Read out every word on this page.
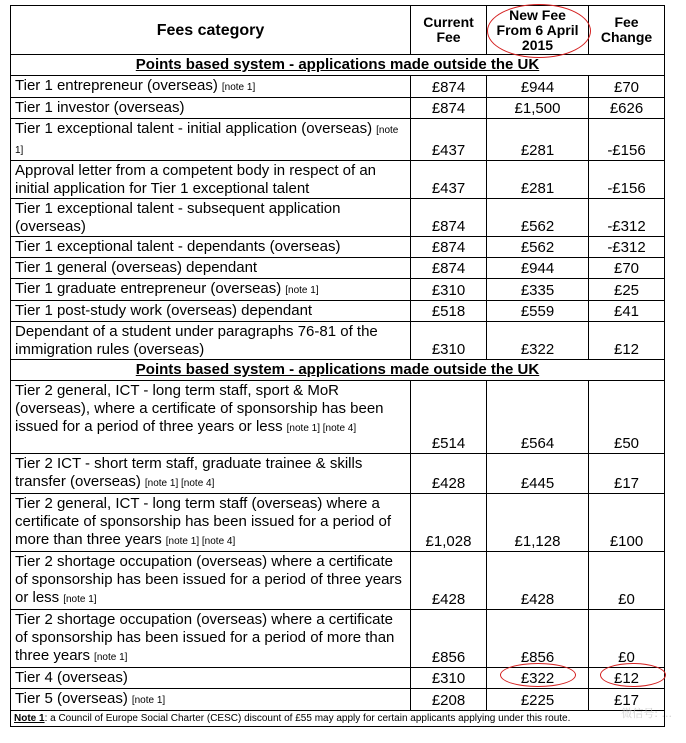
Fees category	Current Fee	New Fee From 6 April 2015	Fee Change
Points based system - applications made outside the UK			
Tier 1 entrepreneur (overseas) [note 1]	£874	£944	£70
Tier 1 investor (overseas)	£874	£1,500	£626
Tier 1 exceptional talent - initial application (overseas) [note 1]	£437	£281	-£156
Approval letter from a competent body in respect of an initial application for Tier 1 exceptional talent	£437	£281	-£156
Tier 1 exceptional talent - subsequent application (overseas)	£874	£562	-£312
Tier 1 exceptional talent - dependants (overseas)	£874	£562	-£312
Tier 1 general (overseas) dependant	£874	£944	£70
Tier 1 graduate entrepreneur (overseas) [note 1]	£310	£335	£25
Tier 1 post-study work (overseas) dependant	£518	£559	£41
Dependant of a student under paragraphs 76-81 of the immigration rules (overseas)	£310	£322	£12
Points based system - applications made outside the UK			
Tier 2 general, ICT - long term staff, sport & MoR (overseas), where a certificate of sponsorship has been issued for a period of three years or less [note 1] [note 4]	£514	£564	£50
Tier 2 ICT - short term staff, graduate trainee & skills transfer (overseas) [note 1] [note 4]	£428	£445	£17
Tier 2 general, ICT - long term staff (overseas) where a certificate of sponsorship has been issued for a period of more than three years [note 1] [note 4]	£1,028	£1,128	£100
Tier 2 shortage occupation (overseas) where a certificate of sponsorship has been issued for a period of three years or less [note 1]	£428	£428	£0
Tier 2 shortage occupation (overseas) where a certificate of sponsorship has been issued for a period of more than three years [note 1]	£856	£856	£0
Tier 4 (overseas)	£310	£322	£12
Tier 5 (overseas) [note 1]	£208	£225	£17
Note 1: a Council of Europe Social Charter (CESC) discount of £55 may apply for certain applicants applying under this route.				微信号: ...
